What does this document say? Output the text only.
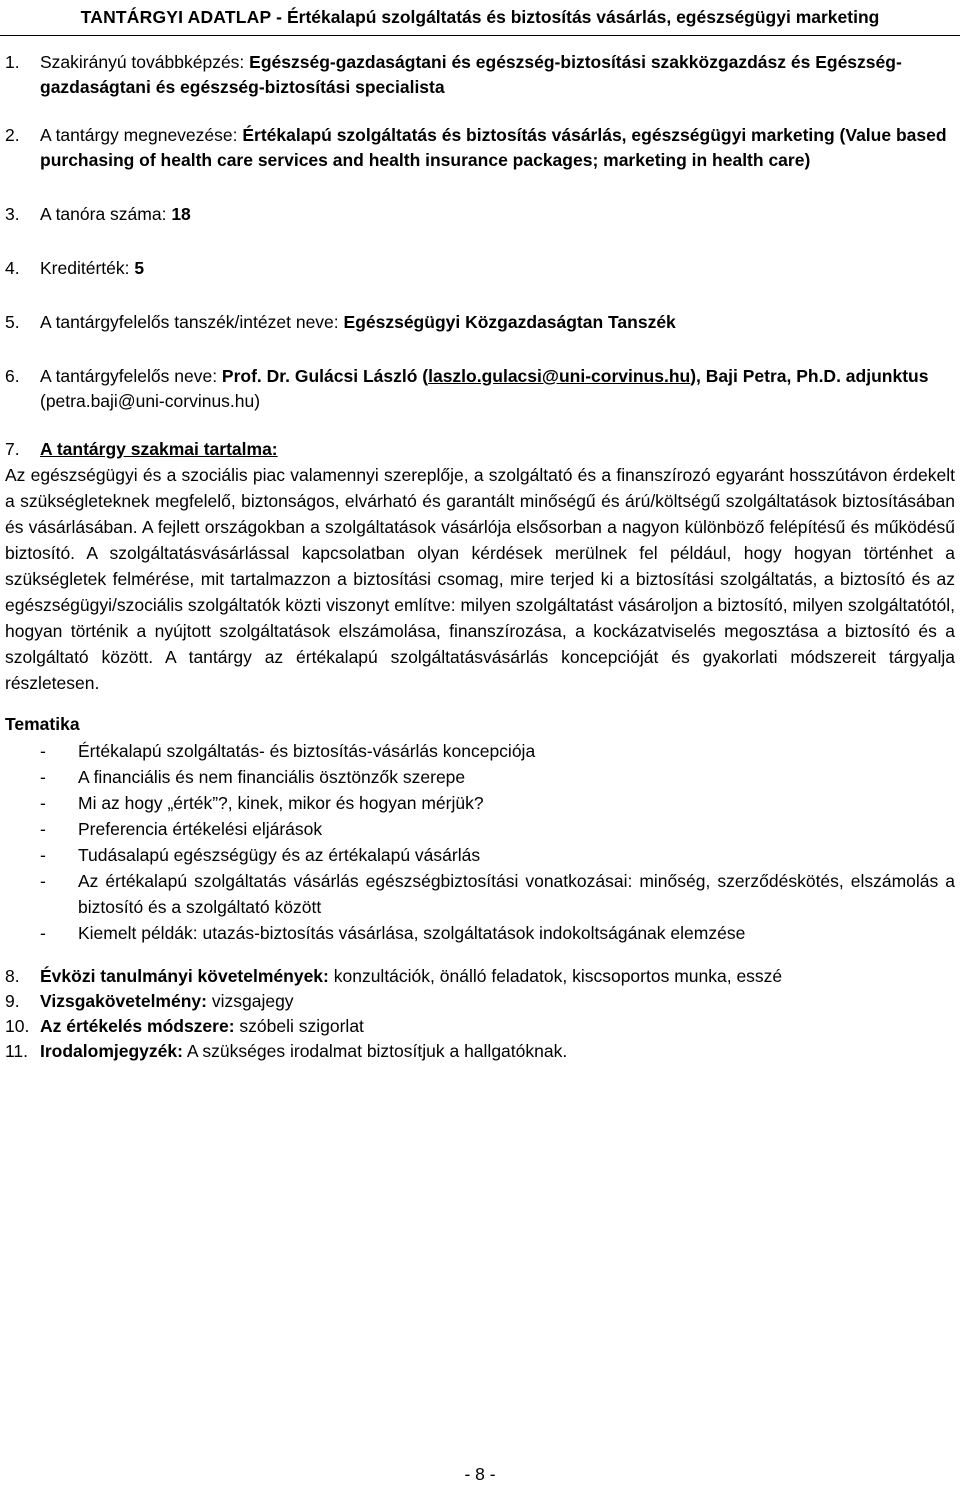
TANTÁRGYI ADATLAP -
Értékalapú szolgáltatás és biztosítás vásárlás, egészségügyi marketing
1. Szakirányú továbbképzés: Egészség-gazdaságtani és egészség-biztosítási szakközgazdász és Egészség-gazdaságtani és egészség-biztosítási specialista
2. A tantárgy megnevezése: Értékalapú szolgáltatás és biztosítás vásárlás, egészségügyi marketing (Value based purchasing of health care services and health insurance packages; marketing in health care)
3. A tanóra száma: 18
4. Kreditérték: 5
5. A tantárgyfelelős tanszék/intézet neve: Egészségügyi Közgazdaságtan Tanszék
6. A tantárgyfelelős neve: Prof. Dr. Gulácsi László (laszlo.gulacsi@uni-corvinus.hu), Baji Petra, Ph.D. adjunktus (petra.baji@uni-corvinus.hu)
7. A tantárgy szakmai tartalma:
Az egészségügyi és a szociális piac valamennyi szereplője, a szolgáltató és a finanszírozó egyaránt hosszútávon érdekelt a szükségleteknek megfelelő, biztonságos, elvárható és garantált minőségű és árú/költségű szolgáltatások biztosításában és vásárlásában. A fejlett országokban a szolgáltatások vásárlója elsősorban a nagyon különböző felépítésű és működésű biztosító. A szolgáltatásvásárlással kapcsolatban olyan kérdések merülnek fel például, hogy hogyan történhet a szükségletek felmérése, mit tartalmazzon a biztosítási csomag, mire terjed ki a biztosítási szolgáltatás, a biztosító és az egészségügyi/szociális szolgáltatók közti viszonyt említve: milyen szolgáltatást vásároljon a biztosító, milyen szolgáltatótól, hogyan történik a nyújtott szolgáltatások elszámolása, finanszírozása, a kockázatviselés megosztása a biztosító és a szolgáltató között. A tantárgy az értékalapú szolgáltatásvásárlás koncepcióját és gyakorlati módszereit tárgyalja részletesen.
Tematika
- Értékalapú szolgáltatás- és biztosítás-vásárlás koncepciója
- A financiális és nem financiális ösztönzők szerepe
- Mi az hogy „érték”?, kinek, mikor és hogyan mérjük?
- Preferencia értékelési eljárások
- Tudásalapú egészségügy és az értékalapú vásárlás
- Az értékalapú szolgáltatás vásárlás egészségbiztosítási vonatkozásai: minőség, szerződéskötés, elszámolás a biztosító és a szolgáltató között
- Kiemelt példák: utazás-biztosítás vásárlása, szolgáltatások indokoltságának elemzése
8. Évközi tanulmányi követelmények: konzultációk, önálló feladatok, kiscsoportos munka, esszé
9. Vizsgakövetelmény: vizsgajegy
10. Az értékelés módszere: szóbeli szigorlat
11. Irodalomjegyzék: A szükséges irodalmat biztosítjuk a hallgatóknak.
- 8 -
